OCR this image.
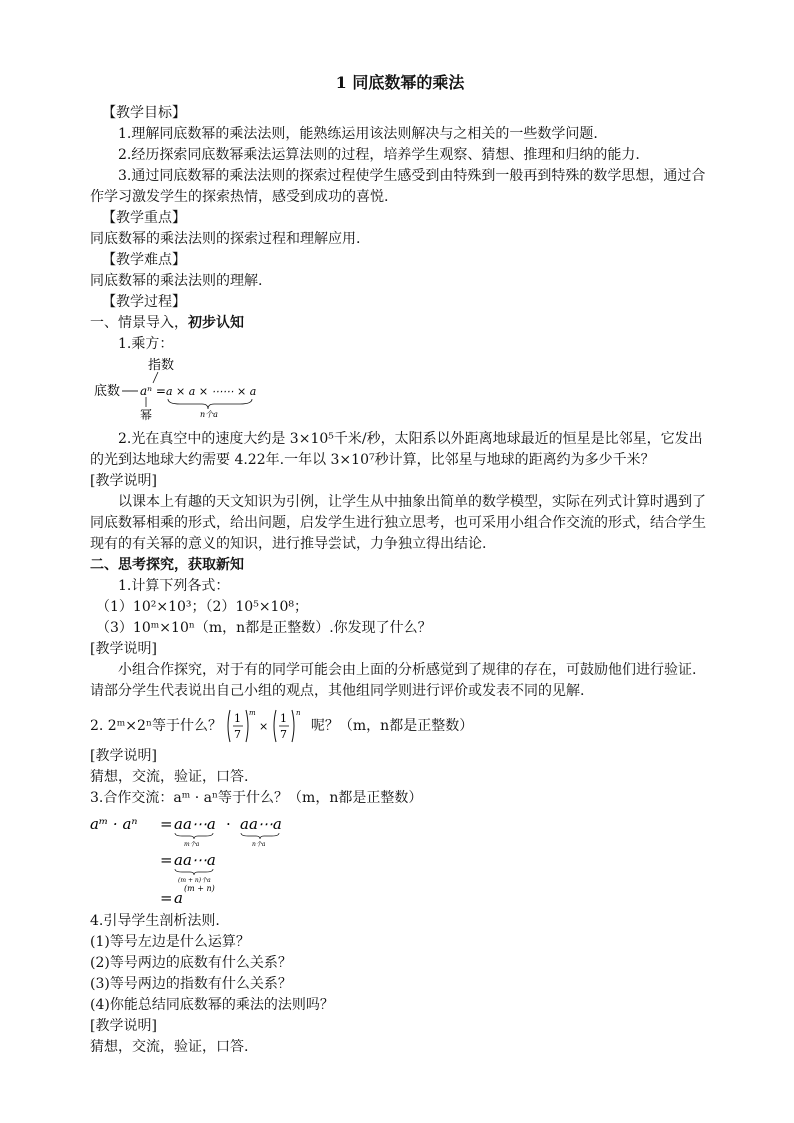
1 同底数幂的乘法

【教学目标】

1.理解同底数幂的乘法法则，能熟练运用该法则解决与之相关的一些数学问题.

2.经历探索同底数幂乘法运算法则的过程，培养学生观察、猜想、推理和归纳的能力.

3.通过同底数幂的乘法法则的探索过程使学生感受到由特殊到一般再到特殊的数学思想，通过合作学习激发学生的探索热情，感受到成功的喜悦.

【教学重点】

同底数幂的乘法法则的探索过程和理解应用.

【教学难点】

同底数幂的乘法法则的理解.

【教学过程】

一、情景导入，初步认知

1.乘方：

指数
底数 aⁿ = a × a × ⋯⋯ × a
幂	n个a

2.光在真空中的速度大约是 3×10⁵千米/秒，太阳系以外距离地球最近的恒星是比邻星，它发出的光到达地球大约需要 4.22年.一年以 3×10⁷秒计算，比邻星与地球的距离约为多少千米？

[教学说明]

以课本上有趣的天文知识为引例，让学生从中抽象出简单的数学模型，实际在列式计算时遇到了同底数幂相乘的形式，给出问题，启发学生进行独立思考，也可采用小组合作交流的形式，结合学生现有的有关幂的意义的知识，进行推导尝试，力争独立得出结论.

二、思考探究，获取新知

1.计算下列各式：

（1）10²×10³；（2）10⁵×10⁸；

（3）10ᵐ×10ⁿ（m，n都是正整数）.你发现了什么？

[教学说明]

小组合作探究，对于有的同学可能会由上面的分析感觉到了规律的存在，可鼓励他们进行验证.请部分学生代表说出自己小组的观点，其他组同学则进行评价或发表不同的见解.

2. 2ᵐ×2ⁿ等于什么？ 1
7
m
×
1
7
n
呢？（m，n都是正整数）

[教学说明]

猜想，交流，验证，口答.

3.合作交流：aᵐ · aⁿ等于什么？（m，n都是正整数）

aᵐ · aⁿ = aa⋯a
m个a
· aa⋯a
n个a
= aa⋯a
(m + n)个a
= a
(m + n)

4.引导学生剖析法则.

(1)等号左边是什么运算？

(2)等号两边的底数有什么关系？

(3)等号两边的指数有什么关系？

(4)你能总结同底数幂的乘法的法则吗？

[教学说明]

猜想，交流，验证，口答.
